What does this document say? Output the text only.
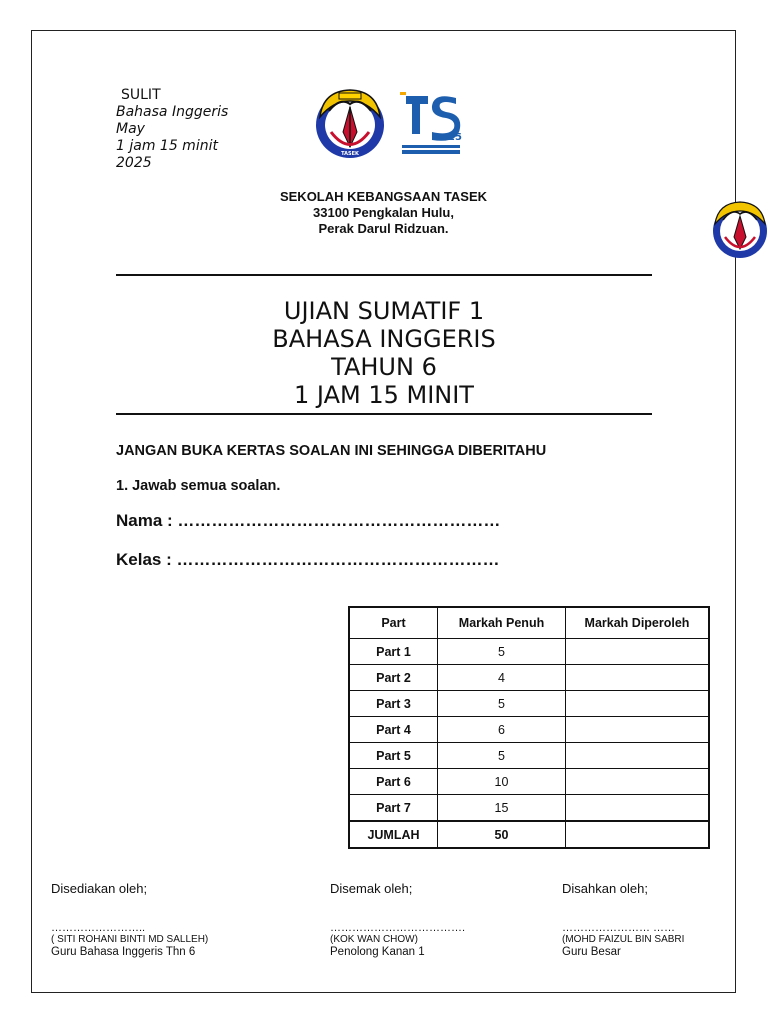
SULIT
Bahasa Inggeris
May
1 jam 15 minit
2025
TASEK
25
SEKOLAH KEBANGSAAN TASEK
33100 Pengkalan Hulu,
Perak Darul Ridzuan.
UJIAN SUMATIF 1
BAHASA INGGERIS
TAHUN 6
1 JAM 15 MINIT
JANGAN BUKA KERTAS SOALAN INI SEHINGGA DIBERITAHU
1. Jawab semua soalan.
Nama : …………………………………………………
Kelas : …………………………………………………
Part	Markah Penuh	Markah Diperoleh
Part 1	5	
Part 2	4	
Part 3	5	
Part 4	6	
Part 5	5	
Part 6	10	
Part 7	15	
JUMLAH	50	
Disediakan oleh;
……………………..
( SITI ROHANI BINTI MD SALLEH)
Guru Bahasa Inggeris Thn 6
Disemak oleh;
……………………………….
(KOK WAN CHOW)
Penolong Kanan 1
Disahkan oleh;
…………………… ……
(MOHD FAIZUL BIN SABRI
Guru Besar
